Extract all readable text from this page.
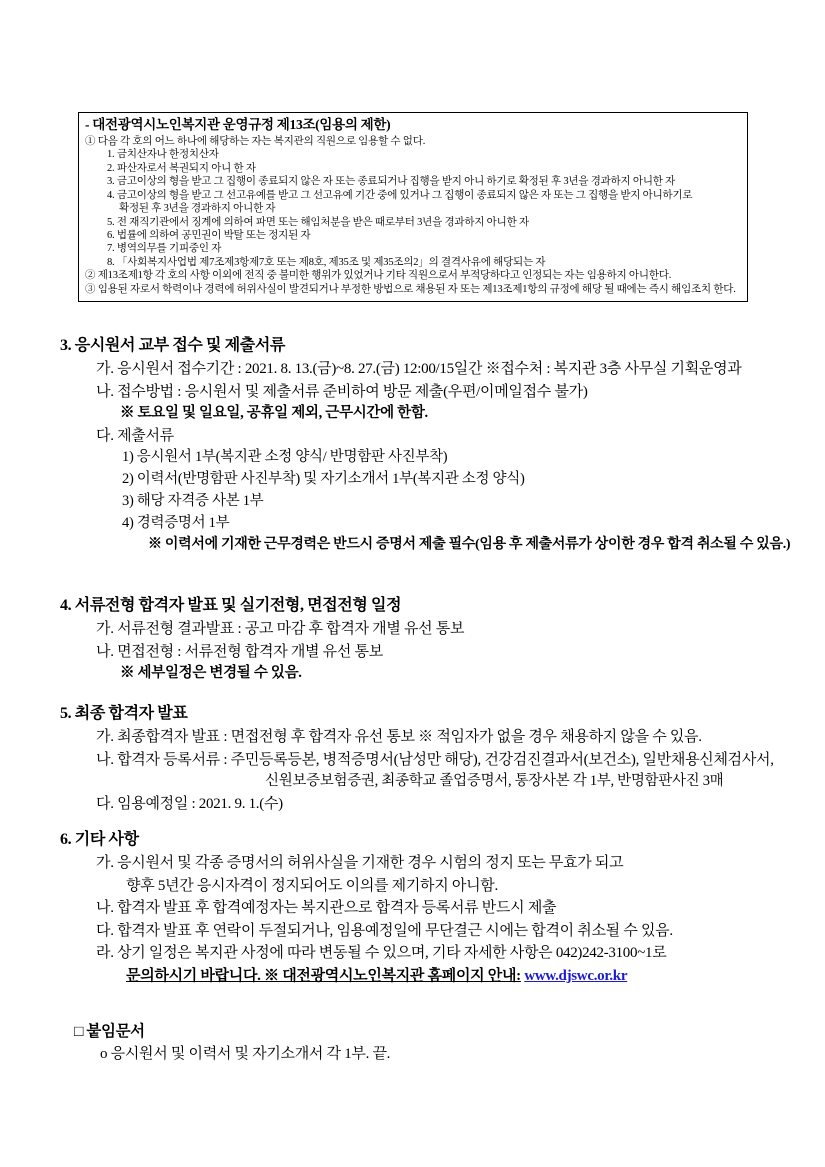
- 대전광역시노인복지관 운영규정 제13조(임용의 제한)
① 다음 각 호의 어느 하나에 해당하는 자는 복지관의 직원으로 임용할 수 없다.
1. 금치산자나 한정치산자
2. 파산자로서 복권되지 아니 한 자
3. 금고이상의 형을 받고 그 집행이 종료되지 않은 자 또는 종료되거나 집행을 받지 아니 하기로 확정된 후 3년을 경과하지 아니한 자
4. 금고이상의 형을 받고 그 선고유예를 받고 그 선고유예 기간 중에 있거나 그 집행이 종료되지 않은 자 또는 그 집행을 받지 아니하기로
확정된 후 3년을 경과하지 아니한 자
5. 전 재직기관에서 징계에 의하여 파면 또는 해임처분을 받은 때로부터 3년을 경과하지 아니한 자
6. 법률에 의하여 공민권이 박탈 또는 정지된 자
7. 병역의무를 기피중인 자
8. 「사회복지사업법 제7조제3항제7호 또는 제8호, 제35조 및 제35조의2」의 결격사유에 해당되는 자
② 제13조제1항 각 호의 사항 이외에 전직 중 불미한 행위가 있었거나 기타 직원으로서 부적당하다고 인정되는 자는 임용하지 아니한다.
③ 임용된 자로서 학력이나 경력에 허위사실이 발견되거나 부정한 방법으로 채용된 자 또는 제13조제1항의 규정에 해당 될 때에는 즉시 해임조치 한다.
3. 응시원서 교부 접수 및 제출서류
가. 응시원서 접수기간 : 2021. 8. 13.(금)~8. 27.(금) 12:00/15일간 ※접수처 : 복지관 3층 사무실 기획운영과
나. 접수방법 : 응시원서 및 제출서류 준비하여 방문 제출(우편/이메일접수 불가)
※ 토요일 및 일요일, 공휴일 제외, 근무시간에 한함.
다. 제출서류
1) 응시원서 1부(복지관 소정 양식/ 반명함판 사진부착)
2) 이력서(반명함판 사진부착) 및 자기소개서 1부(복지관 소정 양식)
3) 해당 자격증 사본 1부
4) 경력증명서 1부
※ 이력서에 기재한 근무경력은 반드시 증명서 제출 필수(임용 후 제출서류가 상이한 경우 합격 취소될 수 있음.)
4. 서류전형 합격자 발표 및 실기전형, 면접전형 일정
가. 서류전형 결과발표 : 공고 마감 후 합격자 개별 유선 통보
나. 면접전형 : 서류전형 합격자 개별 유선 통보
※ 세부일정은 변경될 수 있음.
5. 최종 합격자 발표
가. 최종합격자 발표 : 면접전형 후 합격자 유선 통보 ※ 적임자가 없을 경우 채용하지 않을 수 있음.
나. 합격자 등록서류 : 주민등록등본, 병적증명서(남성만 해당), 건강검진결과서(보건소), 일반채용신체검사서,
신원보증보험증권, 최종학교 졸업증명서, 통장사본 각 1부, 반명함판사진 3매
다. 임용예정일 : 2021. 9. 1.(수)
6. 기타 사항
가. 응시원서 및 각종 증명서의 허위사실을 기재한 경우 시험의 정지 또는 무효가 되고
향후 5년간 응시자격이 정지되어도 이의를 제기하지 아니함.
나. 합격자 발표 후 합격예정자는 복지관으로 합격자 등록서류 반드시 제출
다. 합격자 발표 후 연락이 두절되거나, 임용예정일에 무단결근 시에는 합격이 취소될 수 있음.
라. 상기 일정은 복지관 사정에 따라 변동될 수 있으며, 기타 자세한 사항은 042)242-3100~1로
문의하시기 바랍니다. ※ 대전광역시노인복지관 홈페이지 안내: www.djswc.or.kr
□ 붙임문서
o 응시원서 및 이력서 및 자기소개서 각 1부. 끝.
